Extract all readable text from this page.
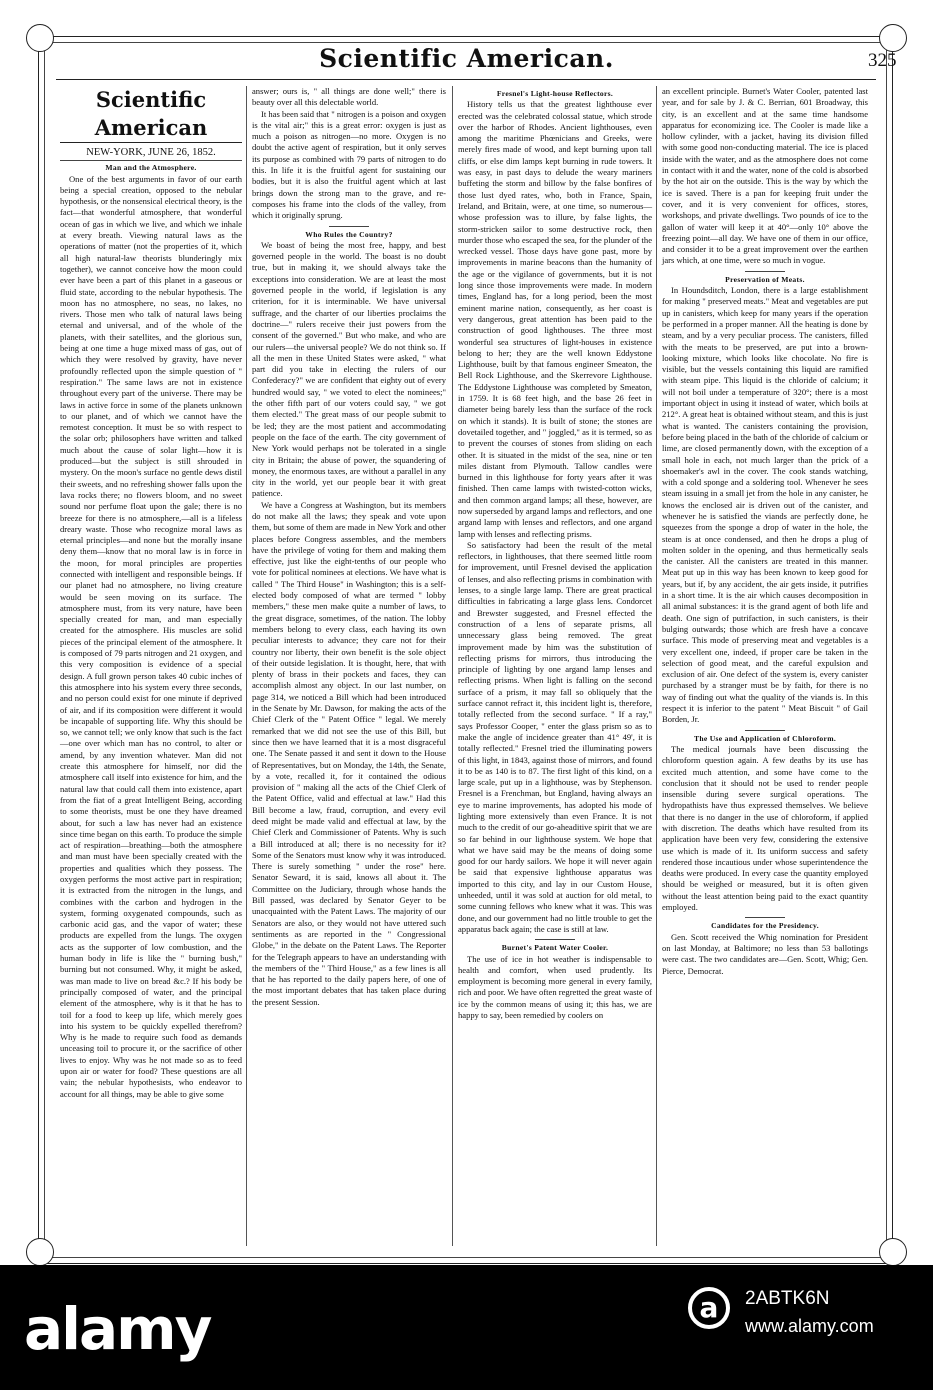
Scientific American.	325
Scientific American
NEW-YORK, JUNE 26, 1852.

Man and the Atmosphere.

One of the best arguments in favor of our earth being a special creation, opposed to the nebular hypothesis, or the nonsensical electrical theory, is the fact—that wonderful atmosphere, that wonderful ocean of gas in which we live, and which we inhale at every breath. Viewing natural laws as the operations of matter (not the properties of it, which all high natural-law theorists blunderingly mix together), we cannot conceive how the moon could ever have been a part of this planet in a gaseous or fluid state, according to the nebular hypothesis. The moon has no atmosphere, no seas, no lakes, no rivers. Those men who talk of natural laws being eternal and universal, and of the whole of the planets, with their satellites, and the glorious sun, being at one time a huge mixed mass of gas, out of which they were resolved by gravity, have never profoundly reflected upon the simple question of " respiration." The same laws are not in existence throughout every part of the universe. There may be laws in active force in some of the planets unknown to our planet, and of which we cannot have the remotest conception. It must be so with respect to the solar orb; philosophers have written and talked much about the cause of solar light—how it is produced—but the subject is still shrouded in mystery. On the moon's surface no gentle dews distil their sweets, and no refreshing shower falls upon the lava rocks there; no flowers bloom, and no sweet sound nor perfume float upon the gale; there is no breeze for there is no atmosphere,—all is a lifeless dreary waste. Those who recognize moral laws as eternal principles—and none but the morally insane deny them—know that no moral law is in force in the moon, for moral principles are properties connected with intelligent and responsible beings. If our planet had no atmosphere, no living creature would be seen moving on its surface. The atmosphere must, from its very nature, have been specially created for man, and man especially created for the atmosphere. His muscles are solid pieces of the principal element of the atmosphere. It is composed of 79 parts nitrogen and 21 oxygen, and this very composition is evidence of a special design. A full grown person takes 40 cubic inches of this atmosphere into his system every three seconds, and no person could exist for one minute if deprived of air, and if its composition were different it would be incapable of supporting life. Why this should be so, we cannot tell; we only know that such is the fact—one over which man has no control, to alter or amend, by any invention whatever. Man did not create this atmosphere for himself, nor did the atmosphere call itself into existence for him, and the natural law that could call them into existence, apart from the fiat of a great Intelligent Being, according to some theorists, must be one they have dreamed about, for such a law has never had an existence since time began on this earth. To produce the simple act of respiration—breathing—both the atmosphere and man must have been specially created with the properties and qualities which they possess. The oxygen performs the most active part in respiration; it is extracted from the nitrogen in the lungs, and combines with the carbon and hydrogen in the system, forming oxygenated compounds, such as carbonic acid gas, and the vapor of water; these products are expelled from the lungs. The oxygen acts as the supporter of low combustion, and the human body in life is like the " burning bush," burning but not consumed. Why, it might be asked, was man made to live on bread &c.? If his body be principally composed of water, and the principal element of the atmosphere, why is it that he has to toil for a food to keep up life, which merely goes into his system to be quickly expelled therefrom? Why is he made to require such food as demands unceasing toil to procure it, or the sacrifice of other lives to enjoy. Why was he not made so as to feed upon air or water for food? These questions are all vain; the nebular hypothesists, who endeavor to account for all things, may be able to give some

answer; ours is, " all things are done well;" there is beauty over all this delectable world.

It has been said that " nitrogen is a poison and oxygen is the vital air;" this is a great error: oxygen is just as much a poison as nitrogen—no more. Oxygen is no doubt the active agent of respiration, but it only serves its purpose as combined with 79 parts of nitrogen to do this. In life it is the fruitful agent for sustaining our bodies, but it is also the fruitful agent which at last brings down the strong man to the grave, and re-composes his frame into the clods of the valley, from which it originally sprung.

Who Rules the Country?

We boast of being the most free, happy, and best governed people in the world. The boast is no doubt true, but in making it, we should always take the exceptions into consideration. We are at least the most governed people in the world, if legislation is any criterion, for it is interminable. We have universal suffrage, and the charter of our liberties proclaims the doctrine—" rulers receive their just powers from the consent of the governed." But who make, and who are our rulers—the universal people? We do not think so. If all the men in these United States were asked, " what part did you take in electing the rulers of our Confederacy?" we are confident that eighty out of every hundred would say, " we voted to elect the nominees;" the other fifth part of our voters could say, " we got them elected." The great mass of our people submit to be led; they are the most patient and accommodating people on the face of the earth. The city government of New York would perhaps not be tolerated in a single city in Britain; the abuse of power, the squandering of money, the enormous taxes, are without a parallel in any city in the world, yet our people bear it with great patience.

We have a Congress at Washington, but its members do not make all the laws; they speak and vote upon them, but some of them are made in New York and other places before Congress assembles, and the members have the privilege of voting for them and making them effective, just like the eight-tenths of our people who vote for political nominees at elections. We have what is called " The Third House" in Washington; this is a self-elected body composed of what are termed " lobby members," these men make quite a number of laws, to the great disgrace, sometimes, of the nation. The lobby members belong to every class, each having its own peculiar interests to advance; they care not for their country nor liberty, their own benefit is the sole object of their outside legislation. It is thought, here, that with plenty of brass in their pockets and faces, they can accomplish almost any object. In our last number, on page 314, we noticed a Bill which had been introduced in the Senate by Mr. Dawson, for making the acts of the Chief Clerk of the " Patent Office " legal. We merely remarked that we did not see the use of this Bill, but since then we have learned that it is a most disgraceful one. The Senate passed it and sent it down to the House of Representatives, but on Monday, the 14th, the Senate, by a vote, recalled it, for it contained the odious provision of " making all the acts of the Chief Clerk of the Patent Office, valid and effectual at law." Had this Bill become a law, fraud, corruption, and every evil deed might be made valid and effectual at law, by the Chief Clerk and Commissioner of Patents. Why is such a Bill introduced at all; there is no necessity for it? Some of the Senators must know why it was introduced. There is surely something " under the rose" here. Senator Seward, it is said, knows all about it. The Committee on the Judiciary, through whose hands the Bill passed, was declared by Senator Geyer to be unacquainted with the Patent Laws. The majority of our Senators are also, or they would not have uttered such sentiments as are reported in the " Congressional Globe," in the debate on the Patent Laws. The Reporter for the Telegraph appears to have an understanding with the members of the " Third House," as a few lines is all that he has reported to the daily papers here, of one of the most important debates that has taken place during the present Session.

Fresnel's Light-house Reflectors.

History tells us that the greatest lighthouse ever erected was the celebrated colossal statue, which strode over the harbor of Rhodes. Ancient lighthouses, even among the maritime Phœnicians and Greeks, were merely fires made of wood, and kept burning upon tall cliffs, or else dim lamps kept burning in rude towers. It was easy, in past days to delude the weary mariners buffeting the storm and billow by the false bonfires of those lust dyed rates, who, both in France, Spain, Ireland, and Britain, were, at one time, so numerous—whose profession was to illure, by false lights, the storm-stricken sailor to some destructive rock, then murder those who escaped the sea, for the plunder of the wrecked vessel. Those days have gone past, more by improvements in marine beacons than the humanity of the age or the vigilance of governments, but it is not long since those improvements were made. In modern times, England has, for a long period, been the most eminent marine nation, consequently, as her coast is very dangerous, great attention has been paid to the construction of good lighthouses. The three most wonderful sea structures of light-houses in existence belong to her; they are the well known Eddystone Lighthouse, built by that famous engineer Smeaton, the Bell Rock Lighthouse, and the Skerrevore Lighthouse. The Eddystone Lighthouse was completed by Smeaton, in 1759. It is 68 feet high, and the base 26 feet in diameter being barely less than the surface of the rock on which it stands). It is built of stone; the stones are dovetailed together, and " joggled," as it is termed, so as to prevent the courses of stones from sliding on each other. It is situated in the midst of the sea, nine or ten miles distant from Plymouth. Tallow candles were burned in this lighthouse for forty years after it was finished. Then came lamps with twisted-cotton wicks, and then common argand lamps; all these, however, are now superseded by argand lamps and reflectors, and one argand lamp with lenses and reflectors, and one argand lamp with lenses and reflecting prisms.

So satisfactory had been the result of the metal reflectors, in lighthouses, that there seemed little room for improvement, until Fresnel devised the application of lenses, and also reflecting prisms in combination with lenses, to a single large lamp. There are great practical difficulties in fabricating a large glass lens. Condorcet and Brewster suggested, and Fresnel effected the construction of a lens of separate prisms, all unnecessary glass being removed. The great improvement made by him was the substitution of reflecting prisms for mirrors, thus introducing the principle of lighting by one argand lamp lenses and reflecting prisms. When light is falling on the second surface of a prism, it may fall so obliquely that the surface cannot refract it, this incident light is, therefore, totally reflected from the second surface. " If a ray," says Professor Cooper, " enter the glass prism so as to make the angle of incidence greater than 41° 49', it is totally reflected." Fresnel tried the illuminating powers of this light, in 1843, against those of mirrors, and found it to be as 140 is to 87. The first light of this kind, on a large scale, put up in a lighthouse, was by Stephenson. Fresnel is a Frenchman, but England, having always an eye to marine improvements, has adopted his mode of lighting more extensively than even France. It is not much to the credit of our go-aheaditive spirit that we are so far behind in our lighthouse system. We hope that what we have said may be the means of doing some good for our hardy sailors. We hope it will never again be said that expensive lighthouse apparatus was imported to this city, and lay in our Custom House, unheeded, until it was sold at auction for old metal, to some cunning fellows who knew what it was. This was done, and our government had no little trouble to get the apparatus back again; the case is still at law.

Burnet's Patent Water Cooler.

The use of ice in hot weather is indispensable to health and comfort, when used prudently. Its employment is becoming more general in every family, rich and poor. We have often regretted the great waste of ice by the common means of using it; this has, we are happy to say, been remedied by coolers on

an excellent principle. Burnet's Water Cooler, patented last year, and for sale by J. & C. Berrian, 601 Broadway, this city, is an excellent and at the same time handsome apparatus for economizing ice. The Cooler is made like a hollow cylinder, with a jacket, having its division filled with some good non-conducting material. The ice is placed inside with the water, and as the atmosphere does not come in contact with it and the water, none of the cold is absorbed by the hot air on the outside. This is the way by which the ice is saved. There is a pan for keeping fruit under the cover, and it is very convenient for offices, stores, workshops, and private dwellings. Two pounds of ice to the gallon of water will keep it at 40°—only 10° above the freezing point—all day. We have one of them in our office, and consider it to be a great improvement over the earthen jars which, at one time, were so much in vogue.

Preservation of Meats.

In Houndsditch, London, there is a large establishment for making " preserved meats." Meat and vegetables are put up in canisters, which keep for many years if the operation be performed in a proper manner. All the heating is done by steam, and by a very peculiar process. The canisters, filled with the meats to be preserved, are put into a brown-looking mixture, which looks like chocolate. No fire is visible, but the vessels containing this liquid are ramified with steam pipe. This liquid is the chloride of calcium; it will not boil under a temperature of 320°; there is a most important object in using it instead of water, which boils at 212°. A great heat is obtained without steam, and this is just what is wanted. The canisters containing the provision, before being placed in the bath of the chloride of calcium or lime, are closed permanently down, with the exception of a small hole in each, not much larger than the prick of a shoemaker's awl in the cover. The cook stands watching, with a cold sponge and a soldering tool. Whenever he sees steam issuing in a small jet from the hole in any canister, he knows the enclosed air is driven out of the canister, and whenever he is satisfied the viands are perfectly done, he squeezes from the sponge a drop of water in the hole, the steam is at once condensed, and then he drops a plug of molten solder in the opening, and thus hermetically seals the canister. All the canisters are treated in this manner. Meat put up in this way has been known to keep good for years, but if, by any accident, the air gets inside, it putrifies in a short time. It is the air which causes decomposition in all animal substances: it is the grand agent of both life and death. One sign of putrifaction, in such canisters, is their bulging outwards; those which are fresh have a concave surface. This mode of preserving meat and vegetables is a very excellent one, indeed, if proper care be taken in the selection of good meat, and the careful expulsion and exclusion of air. One defect of the system is, every canister purchased by a stranger must be by faith, for there is no way of finding out what the quality of the viands is. In this respect it is inferior to the patent " Meat Biscuit " of Gail Borden, Jr.

The Use and Application of Chloroform.

The medical journals have been discussing the chloroform question again. A few deaths by its use has excited much attention, and some have come to the conclusion that it should not be used to render people insensible during severe surgical operations. The hydropathists have thus expressed themselves. We believe that there is no danger in the use of chloroform, if applied with discretion. The deaths which have resulted from its application have been very few, considering the extensive use which is made of it. Its uniform success and safety rendered those incautious under whose superintendence the deaths were produced. In every case the quantity employed should be weighed or measured, but it is often given without the least attention being paid to the exact quantity employed.

Candidates for the Presidency.

Gen. Scott received the Whig nomination for President on last Monday, at Baltimore; no less than 53 ballotings were cast. The two candidates are—Gen. Scott, Whig; Gen. Pierce, Democrat.

alamy	a	2ABTK6N
www.alamy.com
